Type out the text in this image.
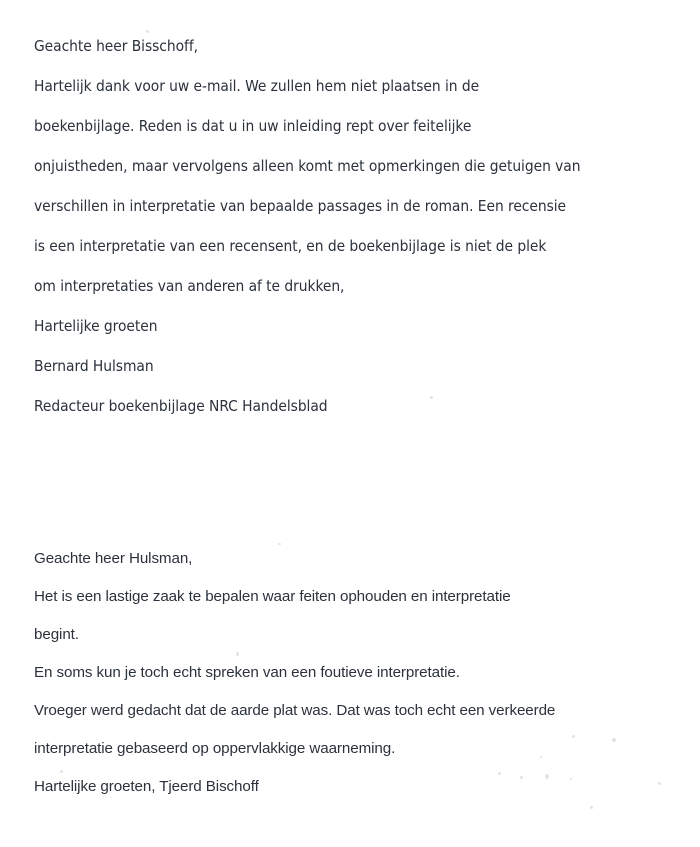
Geachte heer Bisschoff,
Hartelijk dank voor uw e-mail. We zullen hem niet plaatsen in de
boekenbijlage. Reden is dat u in uw inleiding rept over feitelijke
onjuistheden, maar vervolgens alleen komt met opmerkingen die getuigen van
verschillen in interpretatie van bepaalde passages in de roman. Een recensie
is een interpretatie van een recensent, en de boekenbijlage is niet de plek
om interpretaties van anderen af te drukken,
Hartelijke groeten
Bernard Hulsman
Redacteur boekenbijlage NRC Handelsblad
Geachte heer Hulsman,
Het is een lastige zaak te bepalen waar feiten ophouden en interpretatie
begint.
En soms kun je toch echt spreken van een foutieve interpretatie.
Vroeger werd gedacht dat de aarde plat was. Dat was toch echt een verkeerde
interpretatie gebaseerd op oppervlakkige waarneming.
Hartelijke groeten, Tjeerd Bischoff
